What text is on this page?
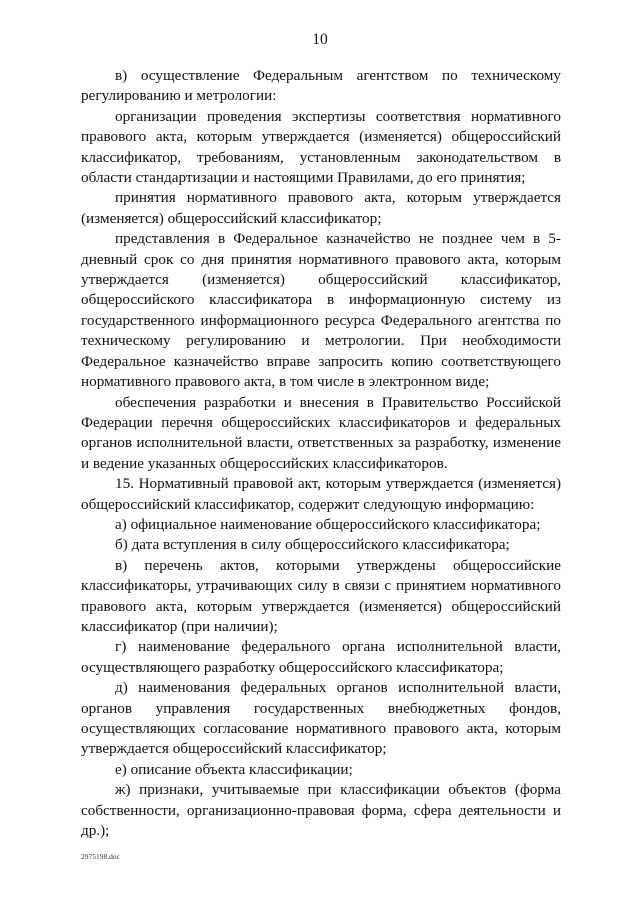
10

в) осуществление Федеральным агентством по техническому регулированию и метрологии:

организации проведения экспертизы соответствия нормативного правового акта, которым утверждается (изменяется) общероссийский классификатор, требованиям, установленным законодательством в области стандартизации и настоящими Правилами, до его принятия;

принятия нормативного правового акта, которым утверждается (изменяется) общероссийский классификатор;

представления в Федеральное казначейство не позднее чем в 5-дневный срок со дня принятия нормативного правового акта, которым утверждается (изменяется) общероссийский классификатор, общероссийского классификатора в информационную систему из государственного информационного ресурса Федерального агентства по техническому регулированию и метрологии. При необходимости Федеральное казначейство вправе запросить копию соответствующего нормативного правового акта, в том числе в электронном виде;

обеспечения разработки и внесения в Правительство Российской Федерации перечня общероссийских классификаторов и федеральных органов исполнительной власти, ответственных за разработку, изменение и ведение указанных общероссийских классификаторов.

15. Нормативный правовой акт, которым утверждается (изменяется) общероссийский классификатор, содержит следующую информацию:

а) официальное наименование общероссийского классификатора;

б) дата вступления в силу общероссийского классификатора;

в) перечень актов, которыми утверждены общероссийские классификаторы, утрачивающих силу в связи с принятием нормативного правового акта, которым утверждается (изменяется) общероссийский классификатор (при наличии);

г) наименование федерального органа исполнительной власти, осуществляющего разработку общероссийского классификатора;

д) наименования федеральных органов исполнительной власти, органов управления государственных внебюджетных фондов, осуществляющих согласование нормативного правового акта, которым утверждается общероссийский классификатор;

е) описание объекта классификации;

ж) признаки, учитываемые при классификации объектов (форма собственности, организационно-правовая форма, сфера деятельности и др.);

2975198.doc
